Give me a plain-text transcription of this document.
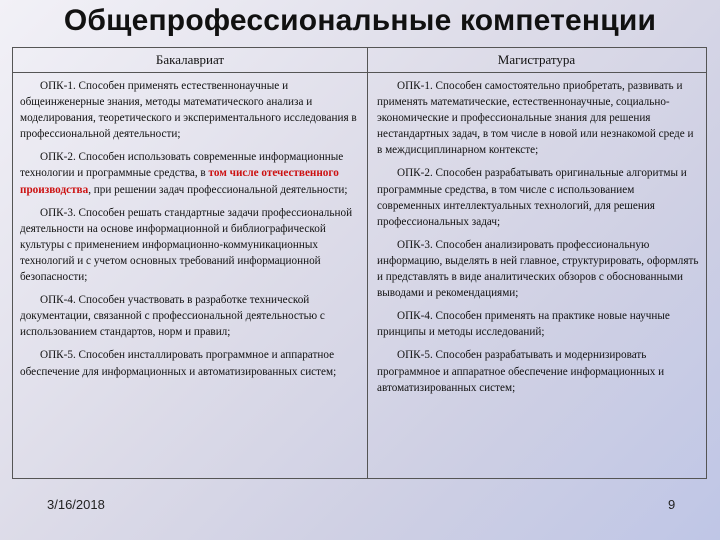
Общепрофессиональные компетенции
Бакалавриат	Магистратура
ОПК-1. Способен применять естественнонаучные и общеинженерные знания, методы математического анализа и моделирования, теоретического и экспериментального исследования в профессиональной деятельности;
ОПК-2. Способен использовать современные информационные технологии и программные средства, в том числе отечественного производства, при решении задач профессиональной деятельности;
ОПК-3. Способен решать стандартные задачи профессиональной деятельности на основе информационной и библиографической культуры с применением информационно-коммуникационных технологий и с учетом основных требований информационной безопасности;
ОПК-4. Способен участвовать в разработке технической документации, связанной с профессиональной деятельностью с использованием стандартов, норм и правил;
ОПК-5. Способен инсталлировать программное и аппаратное обеспечение для информационных и автоматизированных систем;
ОПК-1. Способен самостоятельно приобретать, развивать и применять математические, естественнонаучные, социально-экономические и профессиональные знания для решения нестандартных задач, в том числе в новой или незнакомой среде и в междисциплинарном контексте;
ОПК-2. Способен разрабатывать оригинальные алгоритмы и программные средства, в том числе с использованием современных интеллектуальных технологий, для решения профессиональных задач;
ОПК-3. Способен анализировать профессиональную информацию, выделять в ней главное, структурировать, оформлять и представлять в виде аналитических обзоров с обоснованными выводами и рекомендациями;
ОПК-4. Способен применять на практике новые научные принципы и методы исследований;
ОПК-5. Способен разрабатывать и модернизировать программное и аппаратное обеспечение информационных и автоматизированных систем;
3/16/2018	9
